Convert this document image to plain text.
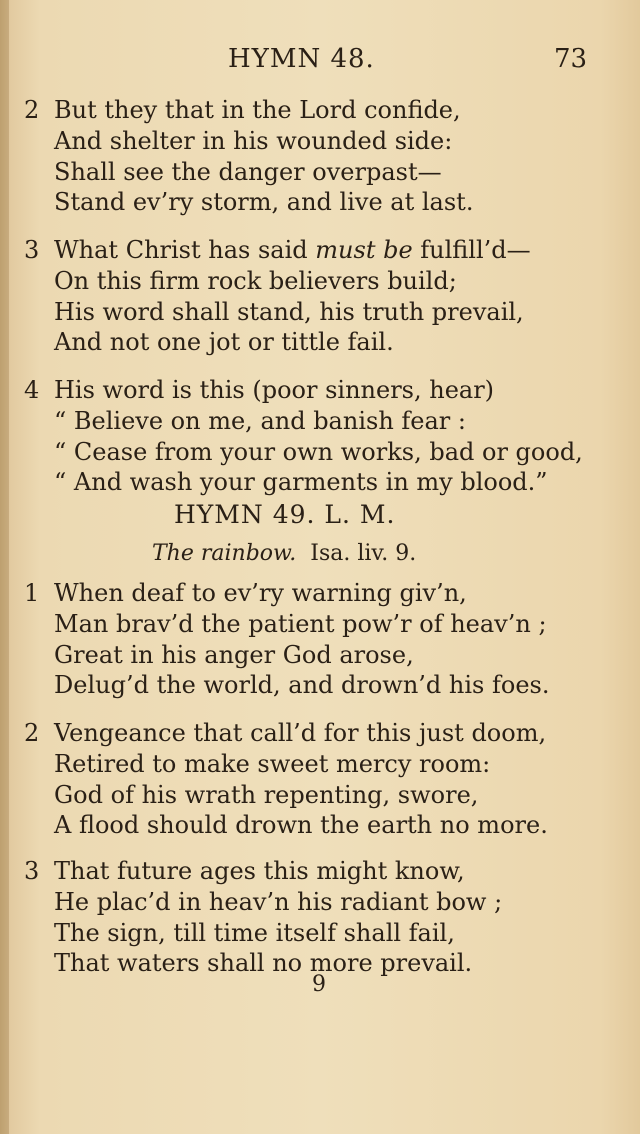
HYMN 48.	73
2 But they that in the Lord confide,
And shelter in his wounded side:
Shall see the danger overpast—
Stand ev’ry storm, and live at last.
3 What Christ has said must be fulfill’d—
On this firm rock believers build;
His word shall stand, his truth prevail,
And not one jot or tittle fail.
4 His word is this (poor sinners, hear)
“ Believe on me, and banish fear :
“ Cease from your own works, bad or good,
“ And wash your garments in my blood.”
HYMN 49. L. M.
The rainbow. Isa. liv. 9.
1 When deaf to ev’ry warning giv’n,
Man brav’d the patient pow’r of heav’n ;
Great in his anger God arose,
Delug’d the world, and drown’d his foes.
2 Vengeance that call’d for this just doom,
Retired to make sweet mercy room:
God of his wrath repenting, swore,
A flood should drown the earth no more.
3 That future ages this might know,
He plac’d in heav’n his radiant bow ;
The sign, till time itself shall fail,
That waters shall no more prevail.
9
